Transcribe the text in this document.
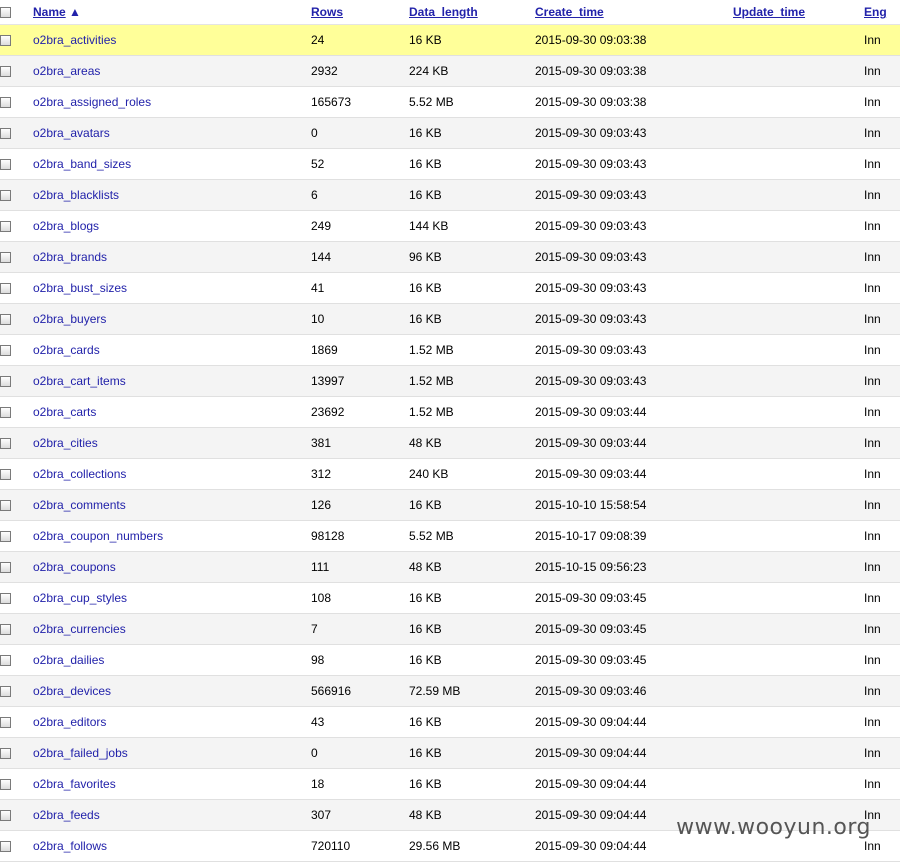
	Name ▲	Rows	Data_length	Create_time	Update_time	Eng
	o2bra_activities	24	16 KB	2015-09-30 09:03:38		Inn
	o2bra_areas	2932	224 KB	2015-09-30 09:03:38		Inn
	o2bra_assigned_roles	165673	5.52 MB	2015-09-30 09:03:38		Inn
	o2bra_avatars	0	16 KB	2015-09-30 09:03:43		Inn
	o2bra_band_sizes	52	16 KB	2015-09-30 09:03:43		Inn
	o2bra_blacklists	6	16 KB	2015-09-30 09:03:43		Inn
	o2bra_blogs	249	144 KB	2015-09-30 09:03:43		Inn
	o2bra_brands	144	96 KB	2015-09-30 09:03:43		Inn
	o2bra_bust_sizes	41	16 KB	2015-09-30 09:03:43		Inn
	o2bra_buyers	10	16 KB	2015-09-30 09:03:43		Inn
	o2bra_cards	1869	1.52 MB	2015-09-30 09:03:43		Inn
	o2bra_cart_items	13997	1.52 MB	2015-09-30 09:03:43		Inn
	o2bra_carts	23692	1.52 MB	2015-09-30 09:03:44		Inn
	o2bra_cities	381	48 KB	2015-09-30 09:03:44		Inn
	o2bra_collections	312	240 KB	2015-09-30 09:03:44		Inn
	o2bra_comments	126	16 KB	2015-10-10 15:58:54		Inn
	o2bra_coupon_numbers	98128	5.52 MB	2015-10-17 09:08:39		Inn
	o2bra_coupons	111	48 KB	2015-10-15 09:56:23		Inn
	o2bra_cup_styles	108	16 KB	2015-09-30 09:03:45		Inn
	o2bra_currencies	7	16 KB	2015-09-30 09:03:45		Inn
	o2bra_dailies	98	16 KB	2015-09-30 09:03:45		Inn
	o2bra_devices	566916	72.59 MB	2015-09-30 09:03:46		Inn
	o2bra_editors	43	16 KB	2015-09-30 09:04:44		Inn
	o2bra_failed_jobs	0	16 KB	2015-09-30 09:04:44		Inn
	o2bra_favorites	18	16 KB	2015-09-30 09:04:44		Inn
	o2bra_feeds	307	48 KB	2015-09-30 09:04:44		Inn
	o2bra_follows	720110	29.56 MB	2015-09-30 09:04:44		Inn
www.wooyun.org
